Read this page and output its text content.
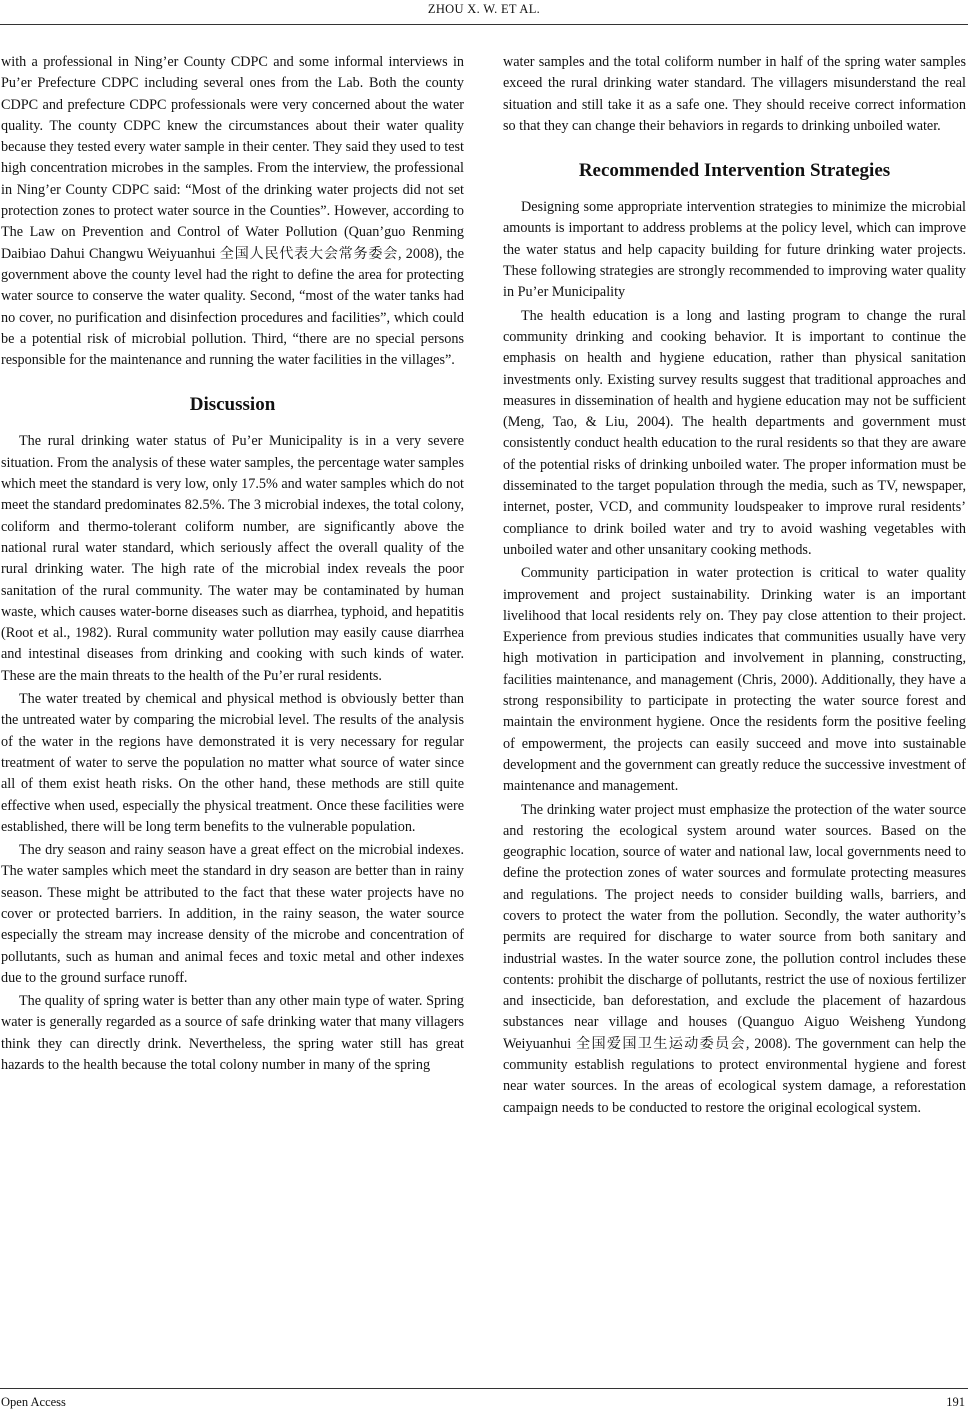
ZHOU X. W. ET AL.

with a professional in Ning’er County CDPC and some informal interviews in Pu’er Prefecture CDPC including several ones from the Lab. Both the county CDPC and prefecture CDPC professionals were very concerned about the water quality. The county CDPC knew the circumstances about their water quality because they tested every water sample in their center. They said they used to test high concentration microbes in the samples. From the interview, the professional in Ning’er County CDPC said: “Most of the drinking water projects did not set protection zones to protect water source in the Counties”. However, according to The Law on Prevention and Control of Water Pollution (Quan’guo Renming Daibiao Dahui Changwu Weiyuanhui 全国人民代表大会常务委会, 2008), the government above the county level had the right to define the area for protecting water source to conserve the water quality. Second, “most of the water tanks had no cover, no purification and disinfection procedures and facilities”, which could be a potential risk of microbial pollution. Third, “there are no special persons responsible for the maintenance and running the water facilities in the villages”.

Discussion

The rural drinking water status of Pu’er Municipality is in a very severe situation. From the analysis of these water samples, the percentage water samples which meet the standard is very low, only 17.5% and water samples which do not meet the standard predominates 82.5%. The 3 microbial indexes, the total colony, coliform and thermo-tolerant coliform number, are significantly above the national rural water standard, which seriously affect the overall quality of the rural drinking water. The high rate of the microbial index reveals the poor sanitation of the rural community. The water may be contaminated by human waste, which causes water-borne diseases such as diarrhea, typhoid, and hepatitis (Root et al., 1982). Rural community water pollution may easily cause diarrhea and intestinal diseases from drinking and cooking with such kinds of water. These are the main threats to the health of the Pu’er rural residents.

The water treated by chemical and physical method is obviously better than the untreated water by comparing the microbial level. The results of the analysis of the water in the regions have demonstrated it is very necessary for regular treatment of water to serve the population no matter what source of water since all of them exist heath risks. On the other hand, these methods are still quite effective when used, especially the physical treatment. Once these facilities were established, there will be long term benefits to the vulnerable population.

The dry season and rainy season have a great effect on the microbial indexes. The water samples which meet the standard in dry season are better than in rainy season. These might be attributed to the fact that these water projects have no cover or protected barriers. In addition, in the rainy season, the water source especially the stream may increase density of the microbe and concentration of pollutants, such as human and animal feces and toxic metal and other indexes due to the ground surface runoff.

The quality of spring water is better than any other main type of water. Spring water is generally regarded as a source of safe drinking water that many villagers think they can directly drink. Nevertheless, the spring water still has great hazards to the health because the total colony number in many of the spring

water samples and the total coliform number in half of the spring water samples exceed the rural drinking water standard. The villagers misunderstand the real situation and still take it as a safe one. They should receive correct information so that they can change their behaviors in regards to drinking unboiled water.

Recommended Intervention Strategies

Designing some appropriate intervention strategies to minimize the microbial amounts is important to address problems at the policy level, which can improve the water status and help capacity building for future drinking water projects. These following strategies are strongly recommended to improving water quality in Pu’er Municipality

The health education is a long and lasting program to change the rural community drinking and cooking behavior. It is important to continue the emphasis on health and hygiene education, rather than physical sanitation investments only. Existing survey results suggest that traditional approaches and measures in dissemination of health and hygiene education may not be sufficient (Meng, Tao, & Liu, 2004). The health departments and government must consistently conduct health education to the rural residents so that they are aware of the potential risks of drinking unboiled water. The proper information must be disseminated to the target population through the media, such as TV, newspaper, internet, poster, VCD, and community loudspeaker to improve rural residents’ compliance to drink boiled water and try to avoid washing vegetables with unboiled water and other unsanitary cooking methods.

Community participation in water protection is critical to water quality improvement and project sustainability. Drinking water is an important livelihood that local residents rely on. They pay close attention to their project. Experience from previous studies indicates that communities usually have very high motivation in participation and involvement in planning, constructing, facilities maintenance, and management (Chris, 2000). Additionally, they have a strong responsibility to participate in protecting the water source forest and maintain the environment hygiene. Once the residents form the positive feeling of empowerment, the projects can easily succeed and move into sustainable development and the government can greatly reduce the successive investment of maintenance and management.

The drinking water project must emphasize the protection of the water source and restoring the ecological system around water sources. Based on the geographic location, source of water and national law, local governments need to define the protection zones of water sources and formulate protecting measures and regulations. The project needs to consider building walls, barriers, and covers to protect the water from the pollution. Secondly, the water authority’s permits are required for discharge to water source from both sanitary and industrial wastes. In the water source zone, the pollution control includes these contents: prohibit the discharge of pollutants, restrict the use of noxious fertilizer and insecticide, ban deforestation, and exclude the placement of hazardous substances near village and houses (Quanguo Aiguo Weisheng Yundong Weiyuanhui 全国爱国卫生运动委员会, 2008). The government can help the community establish regulations to protect environmental hygiene and forest near water sources. In the areas of ecological system damage, a reforestation campaign needs to be conducted to restore the original ecological system.

Open Access	191
